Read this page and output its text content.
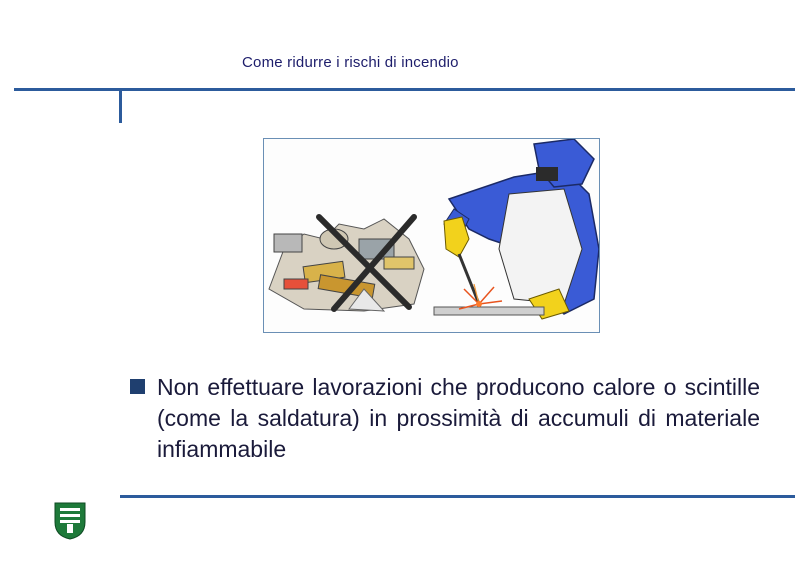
Come ridurre i rischi di incendio
Non effettuare lavorazioni che producono calore o scintille (come la saldatura) in prossimità di accumuli di materiale infiammabile
